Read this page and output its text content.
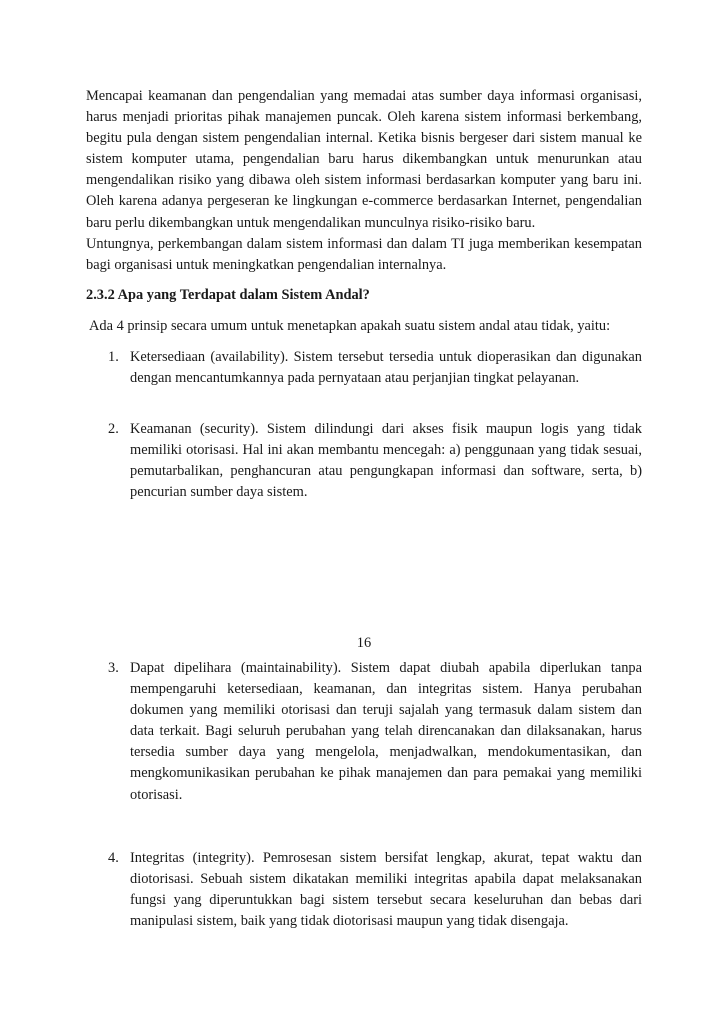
Mencapai keamanan dan pengendalian yang memadai atas sumber daya informasi organisasi, harus menjadi prioritas pihak manajemen puncak. Oleh karena sistem informasi berkembang, begitu pula dengan sistem pengendalian internal. Ketika bisnis bergeser dari sistem manual ke sistem komputer utama, pengendalian baru harus dikembangkan untuk menurunkan atau mengendalikan risiko yang dibawa oleh sistem informasi berdasarkan komputer yang baru ini. Oleh karena adanya pergeseran ke lingkungan e-commerce berdasarkan Internet, pengendalian baru perlu dikembangkan untuk mengendalikan munculnya risiko-risiko baru.

Untungnya, perkembangan dalam sistem informasi dan dalam TI juga memberikan kesempatan bagi organisasi untuk meningkatkan pengendalian internalnya.

2.3.2 Apa yang Terdapat dalam Sistem Andal?

Ada 4 prinsip secara umum untuk menetapkan apakah suatu sistem andal atau tidak, yaitu:

1. Ketersediaan (availability). Sistem tersebut tersedia untuk dioperasikan dan digunakan dengan mencantumkannya pada pernyataan atau perjanjian tingkat pelayanan.

2. Keamanan (security). Sistem dilindungi dari akses fisik maupun logis yang tidak memiliki otorisasi. Hal ini akan membantu mencegah: a) penggunaan yang tidak sesuai, pemutarbalikan, penghancuran atau pengungkapan informasi dan software, serta, b) pencurian sumber daya sistem.

16
3. Dapat dipelihara (maintainability). Sistem dapat diubah apabila diperlukan tanpa mempengaruhi ketersediaan, keamanan, dan integritas sistem. Hanya perubahan dokumen yang memiliki otorisasi dan teruji sajalah yang termasuk dalam sistem dan data terkait. Bagi seluruh perubahan yang telah direncanakan dan dilaksanakan, harus tersedia sumber daya yang mengelola, menjadwalkan, mendokumentasikan, dan mengkomunikasikan perubahan ke pihak manajemen dan para pemakai yang memiliki otorisasi.

4. Integritas (integrity). Pemrosesan sistem bersifat lengkap, akurat, tepat waktu dan diotorisasi. Sebuah sistem dikatakan memiliki integritas apabila dapat melaksanakan fungsi yang diperuntukkan bagi sistem tersebut secara keseluruhan dan bebas dari manipulasi sistem, baik yang tidak diotorisasi maupun yang tidak disengaja.
